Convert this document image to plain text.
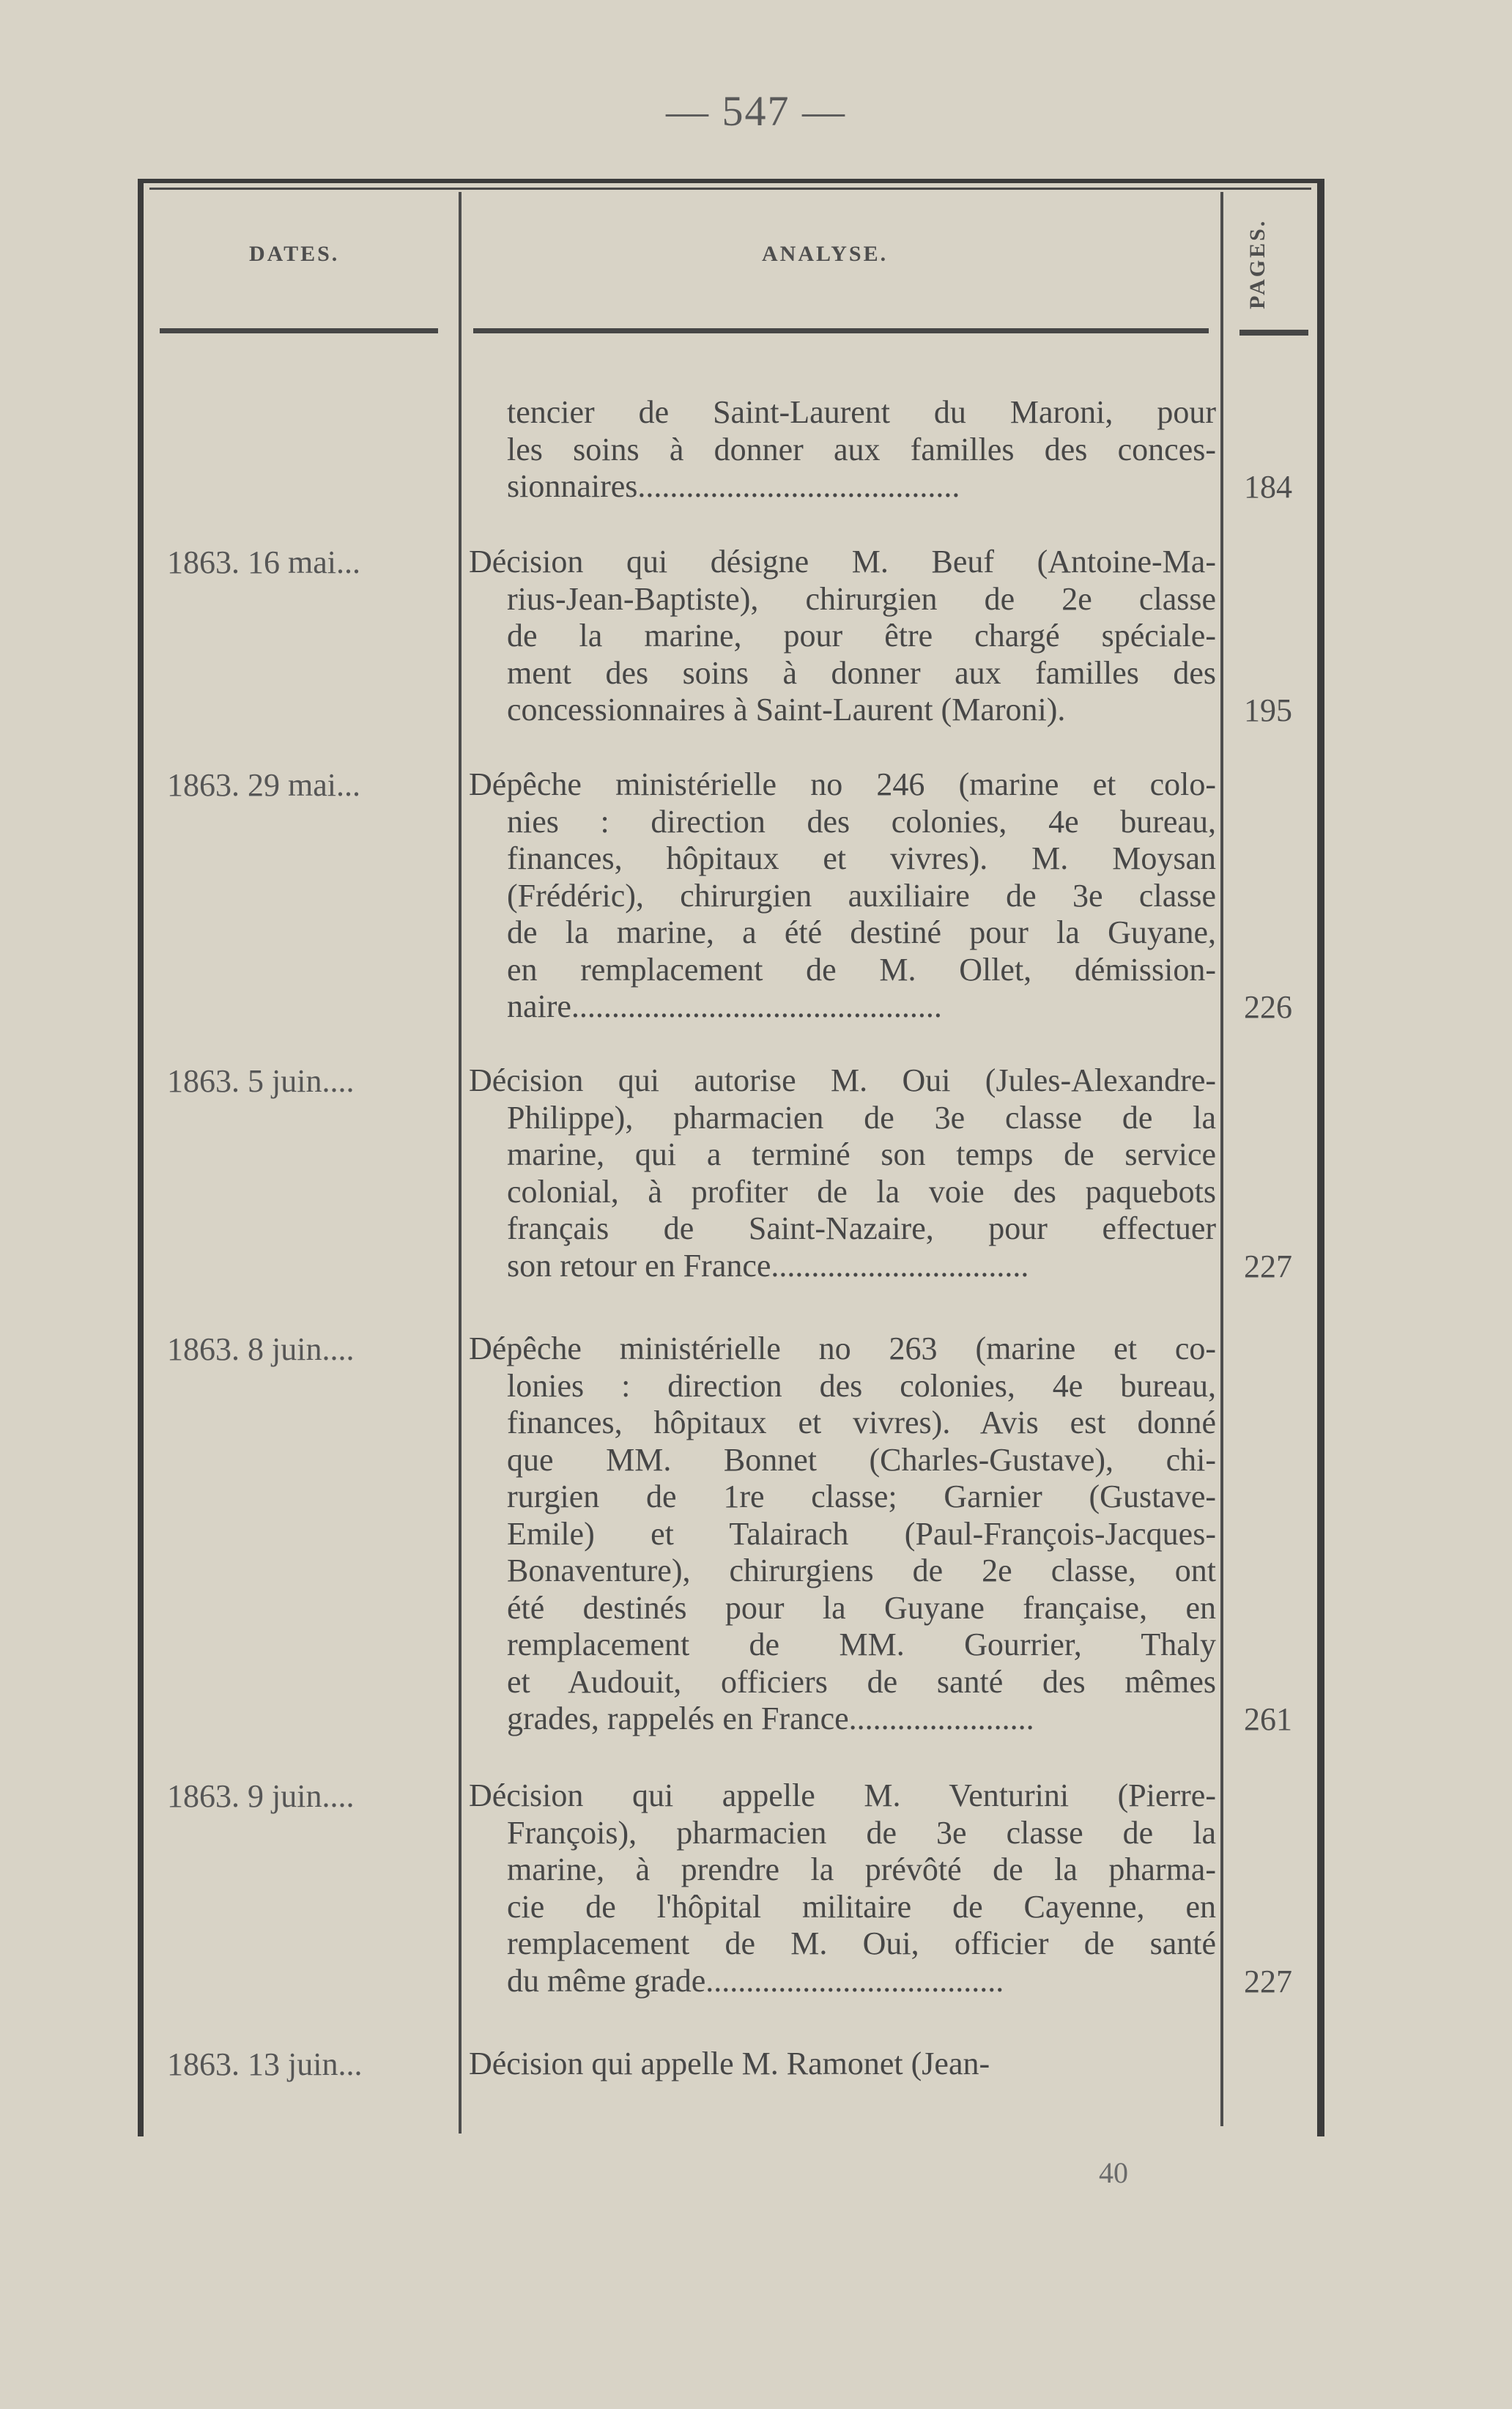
— 547 —
DATES.	ANALYSE.	PAGES.
tencier de Saint-Laurent du Maroni, pour
les soins à donner aux familles des conces-
sionnaires........................................	184
1863. 16 mai...	Décision qui désigne M. Beuf (Antoine-Ma-
rius-Jean-Baptiste), chirurgien de 2e classe
de la marine, pour être chargé spéciale-
ment des soins à donner aux familles des
concessionnaires à Saint-Laurent (Maroni).	195
1863. 29 mai...	Dépêche ministérielle no 246 (marine et colo-
nies : direction des colonies, 4e bureau,
finances, hôpitaux et vivres). M. Moysan
(Frédéric), chirurgien auxiliaire de 3e classe
de la marine, a été destiné pour la Guyane,
en remplacement de M. Ollet, démission-
naire..............................................	226
1863. 5 juin....	Décision qui autorise M. Oui (Jules-Alexandre-
Philippe), pharmacien de 3e classe de la
marine, qui a terminé son temps de service
colonial, à profiter de la voie des paquebots
français de Saint-Nazaire, pour effectuer
son retour en France................................	227
1863. 8 juin....	Dépêche ministérielle no 263 (marine et co-
lonies : direction des colonies, 4e bureau,
finances, hôpitaux et vivres). Avis est donné
que MM. Bonnet (Charles-Gustave), chi-
rurgien de 1re classe; Garnier (Gustave-
Emile) et Talairach (Paul-François-Jacques-
Bonaventure), chirurgiens de 2e classe, ont
été destinés pour la Guyane française, en
remplacement de MM. Gourrier, Thaly
et Audouit, officiers de santé des mêmes
grades, rappelés en France.......................	261
1863. 9 juin....	Décision qui appelle M. Venturini (Pierre-
François), pharmacien de 3e classe de la
marine, à prendre la prévôté de la pharma-
cie de l'hôpital militaire de Cayenne, en
remplacement de M. Oui, officier de santé
du même grade.....................................	227
1863. 13 juin...	Décision qui appelle M. Ramonet (Jean-
40
